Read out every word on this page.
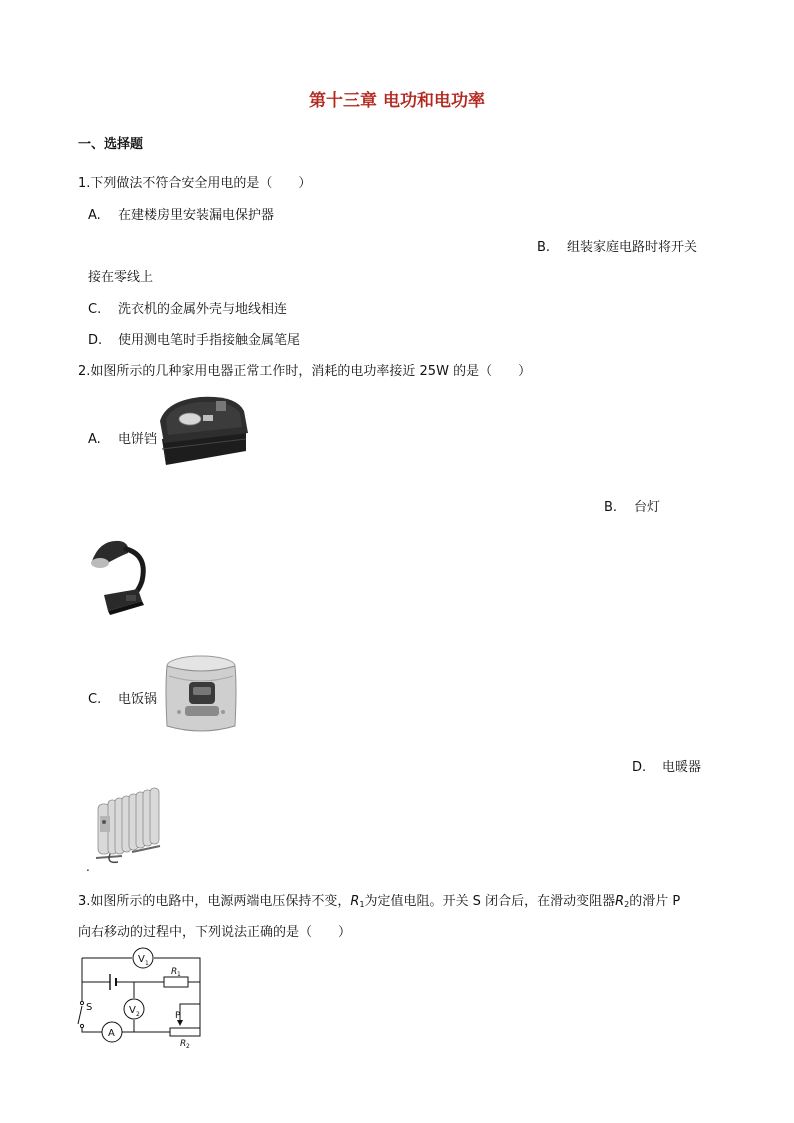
第十三章 电功和电功率
一、选择题
1.下列做法不符合安全用电的是（　　）
A. 在建楼房里安装漏电保护器
B. 组装家庭电路时将开关
接在零线上
C. 洗衣机的金属外壳与地线相连
D. 使用测电笔时手指接触金属笔尾
2.如图所示的几种家用电器正常工作时，消耗的电功率接近 25W 的是（　　）
A. 电饼铛
B. 台灯
C. 电饭锅
D. 电暖器
.
3.如图所示的电路中，电源两端电压保持不变，$R_1$为定值电阻。开关 S 闭合后，在滑动变阻器$R_2$的滑片 P
向右移动的过程中，下列说法正确的是（　　）
V 1
R 1
V 2
S
A
P
R 2
